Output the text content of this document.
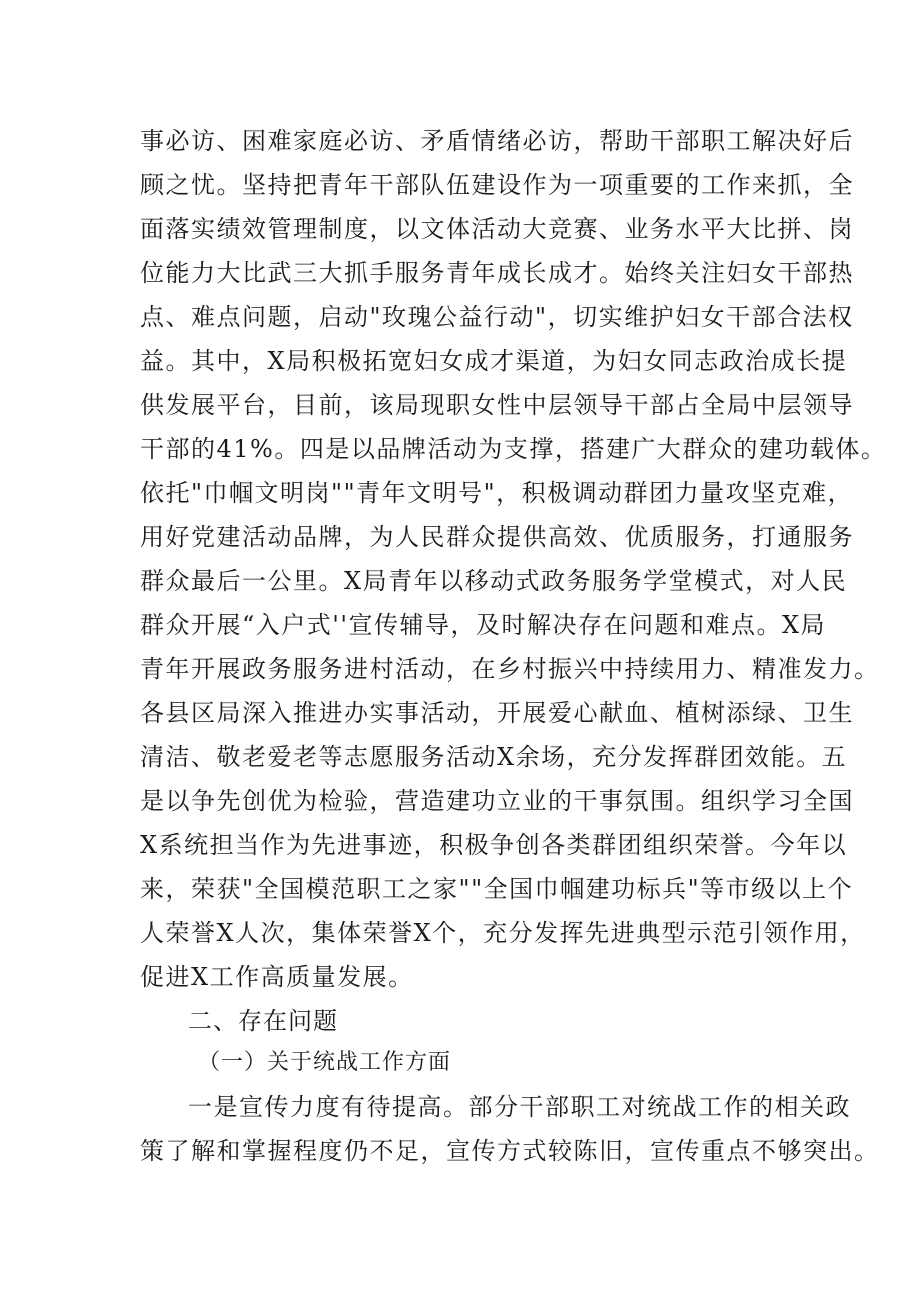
事必访、困难家庭必访、矛盾情绪必访，帮助干部职工解决好后
顾之忧。坚持把青年干部队伍建设作为一项重要的工作来抓，全
面落实绩效管理制度，以文体活动大竞赛、业务水平大比拼、岗
位能力大比武三大抓手服务青年成长成才。始终关注妇女干部热
点、难点问题，启动"玫瑰公益行动"，切实维护妇女干部合法权
益。其中，X局积极拓宽妇女成才渠道，为妇女同志政治成长提
供发展平台，目前，该局现职女性中层领导干部占全局中层领导
干部的41%。四是以品牌活动为支撑，搭建广大群众的建功载体。
依托"巾帼文明岗""青年文明号"，积极调动群团力量攻坚克难，
用好党建活动品牌，为人民群众提供高效、优质服务，打通服务
群众最后一公里。X局青年以移动式政务服务学堂模式，对人民
群众开展“入户式''宣传辅导，及时解决存在问题和难点。X局
青年开展政务服务进村活动，在乡村振兴中持续用力、精准发力。
各县区局深入推进办实事活动，开展爱心献血、植树添绿、卫生
清洁、敬老爱老等志愿服务活动X余场，充分发挥群团效能。五
是以争先创优为检验，营造建功立业的干事氛围。组织学习全国
X系统担当作为先进事迹，积极争创各类群团组织荣誉。今年以
来，荣获"全国模范职工之家""全国巾帼建功标兵"等市级以上个
人荣誉X人次，集体荣誉X个，充分发挥先进典型示范引领作用，
促进X工作高质量发展。
二、存在问题
（一）关于统战工作方面
一是宣传力度有待提高。部分干部职工对统战工作的相关政
策了解和掌握程度仍不足，宣传方式较陈旧，宣传重点不够突出。
